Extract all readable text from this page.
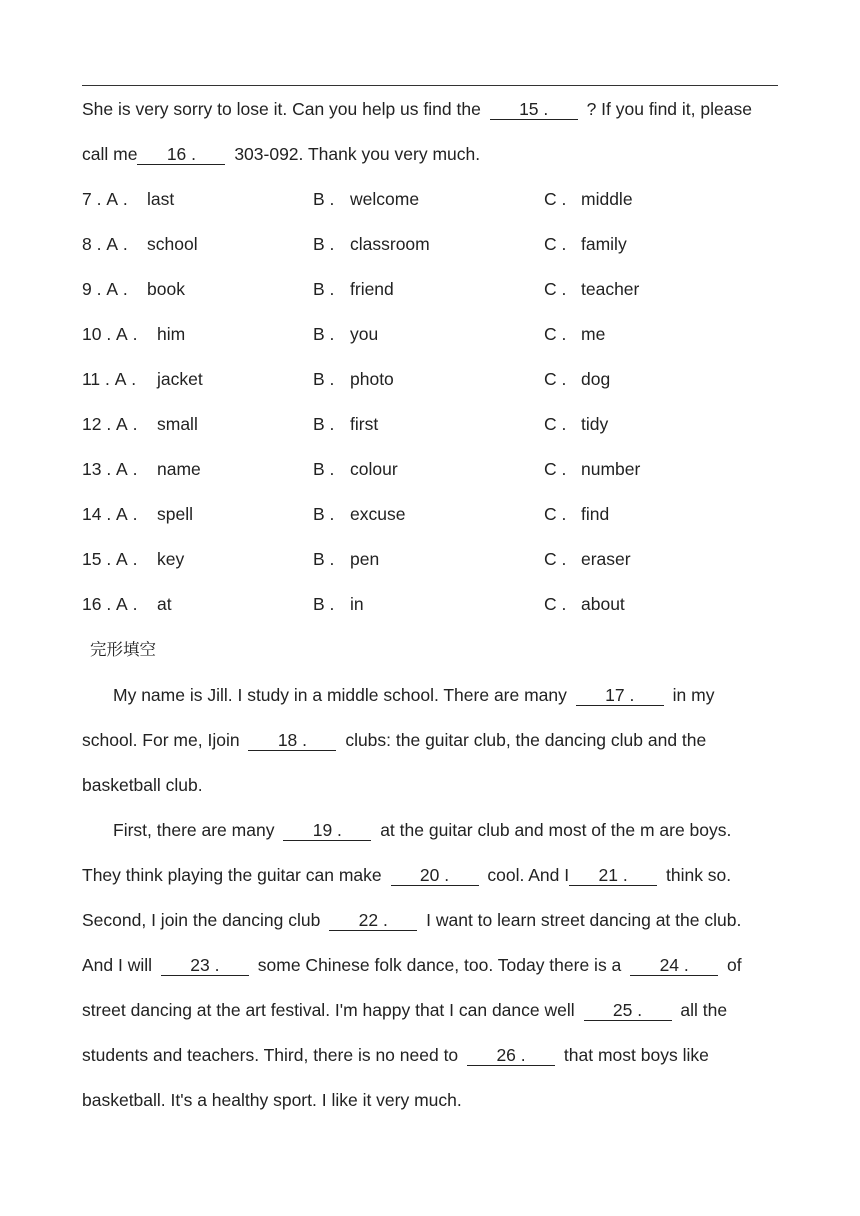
She is very sorry to lose it. Can you help us find the 15 . ? If you find it, please
call me 16 . 303-092. Thank you very much.
7 . A . last	B . welcome	C . middle
8 . A . school	B . classroom	C . family
9 . A . book	B . friend	C . teacher
10 . A . him	B . you	C . me
11 . A . jacket	B . photo	C . dog
12 . A . small	B . first	C . tidy
13 . A . name	B . colour	C . number
14 . A . spell	B . excuse	C . find
15 . A . key	B . pen	C . eraser
16 . A . at	B . in	C . about
完形填空
My name is Jill. I study in a middle school. There are many 17 . in my
school. For me, Ijoin 18 . clubs: the guitar club, the dancing club and the
basketball club.
First, there are many 19 . at the guitar club and most of the m are boys.
They think playing the guitar can make 20 . cool. And I 21 . think so.
Second, I join the dancing club 22 . I want to learn street dancing at the club.
And I will 23 . some Chinese folk dance, too. Today there is a 24 . of
street dancing at the art festival. I'm happy that I can dance well 25 . all the
students and teachers. Third, there is no need to 26 . that most boys like
basketball. It's a healthy sport. I like it very much.
